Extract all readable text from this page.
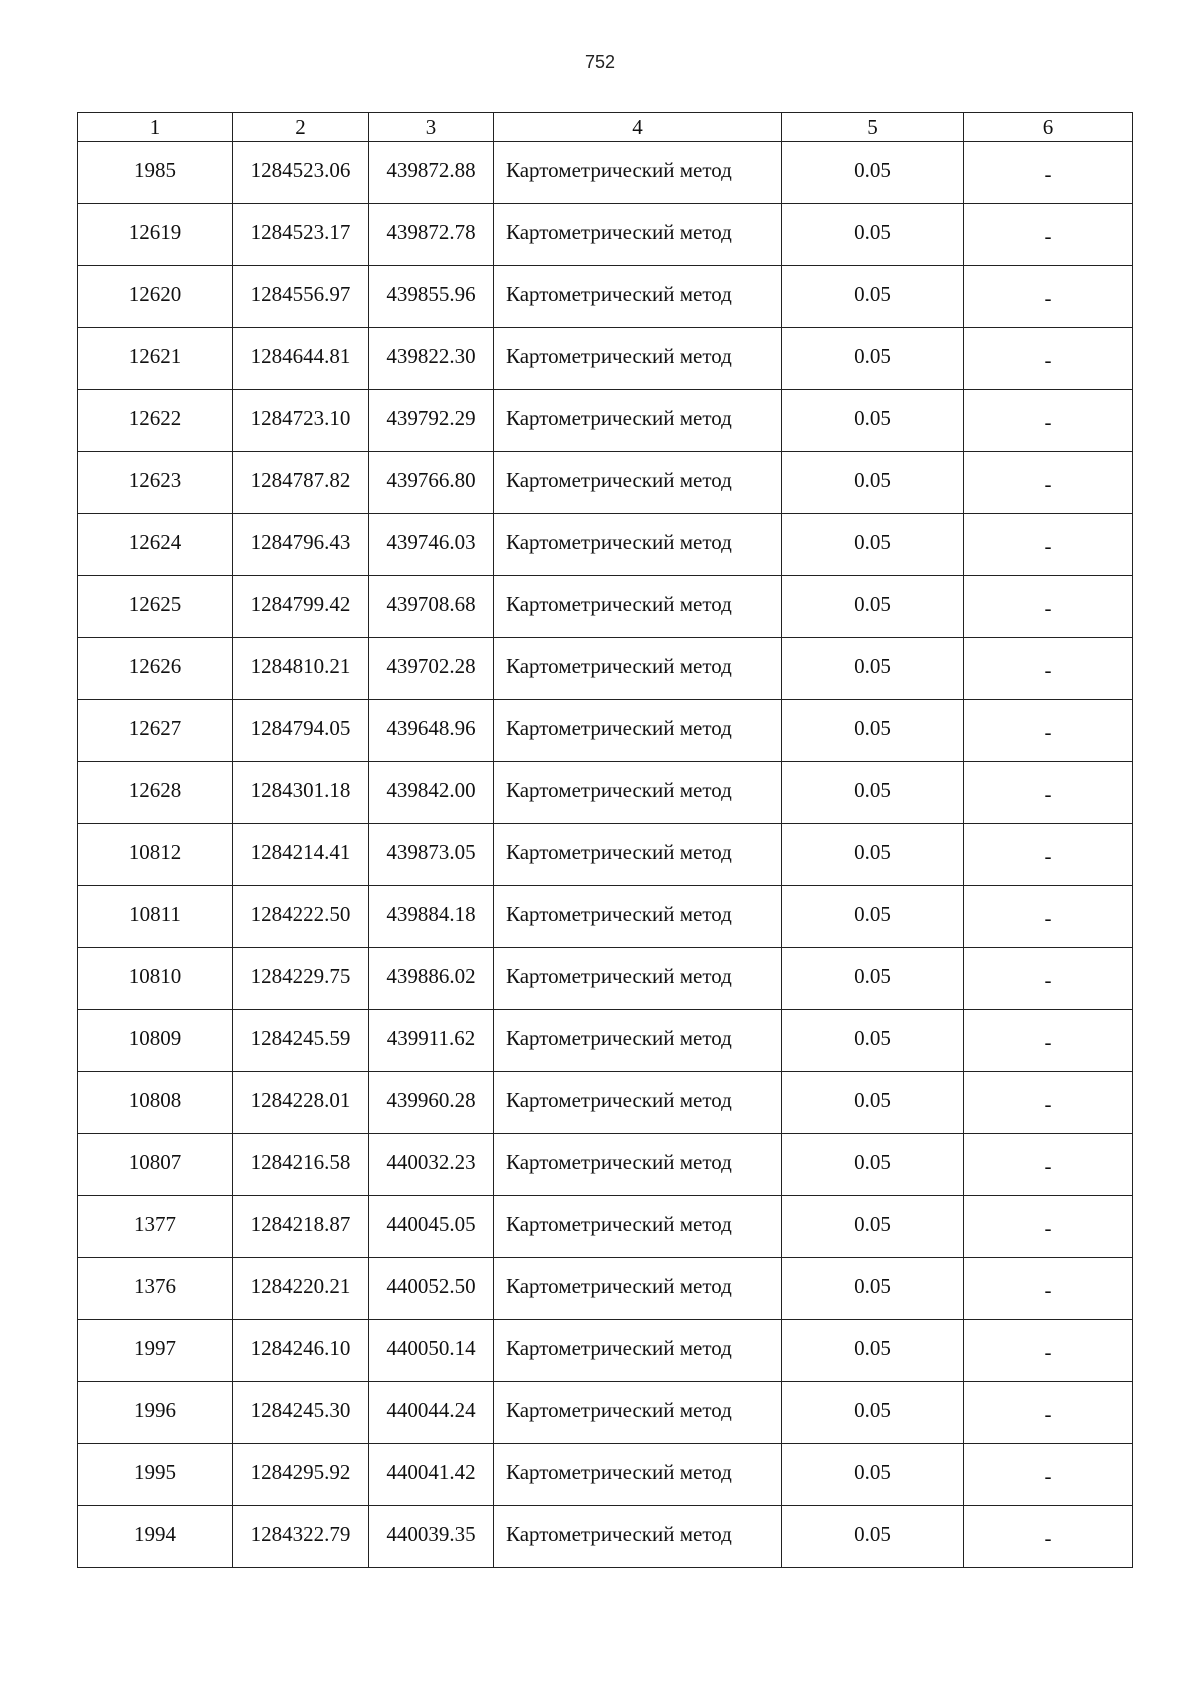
752
1	2	3	4	5	6
1985	1284523.06	439872.88	Картометрический метод	0.05	-
12619	1284523.17	439872.78	Картометрический метод	0.05	-
12620	1284556.97	439855.96	Картометрический метод	0.05	-
12621	1284644.81	439822.30	Картометрический метод	0.05	-
12622	1284723.10	439792.29	Картометрический метод	0.05	-
12623	1284787.82	439766.80	Картометрический метод	0.05	-
12624	1284796.43	439746.03	Картометрический метод	0.05	-
12625	1284799.42	439708.68	Картометрический метод	0.05	-
12626	1284810.21	439702.28	Картометрический метод	0.05	-
12627	1284794.05	439648.96	Картометрический метод	0.05	-
12628	1284301.18	439842.00	Картометрический метод	0.05	-
10812	1284214.41	439873.05	Картометрический метод	0.05	-
10811	1284222.50	439884.18	Картометрический метод	0.05	-
10810	1284229.75	439886.02	Картометрический метод	0.05	-
10809	1284245.59	439911.62	Картометрический метод	0.05	-
10808	1284228.01	439960.28	Картометрический метод	0.05	-
10807	1284216.58	440032.23	Картометрический метод	0.05	-
1377	1284218.87	440045.05	Картометрический метод	0.05	-
1376	1284220.21	440052.50	Картометрический метод	0.05	-
1997	1284246.10	440050.14	Картометрический метод	0.05	-
1996	1284245.30	440044.24	Картометрический метод	0.05	-
1995	1284295.92	440041.42	Картометрический метод	0.05	-
1994	1284322.79	440039.35	Картометрический метод	0.05	-
